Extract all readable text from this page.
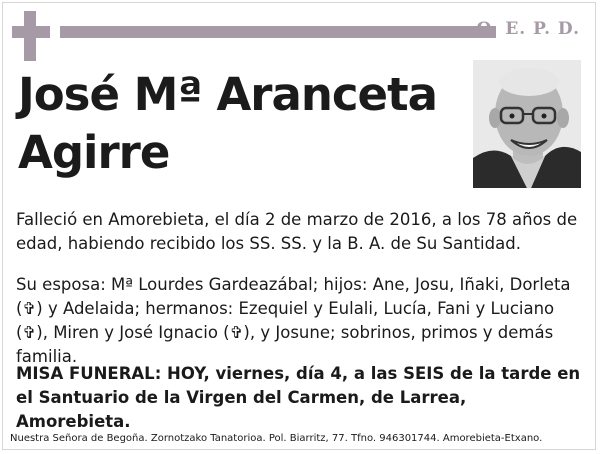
Q. E. P. D.
José Mª Aranceta
Agirre

Falleció en Amorebieta, el día 2 de marzo de 2016, a los 78 años de edad, habiendo recibido los SS. SS. y la B. A. de Su Santidad.

Su esposa: Mª Lourdes Gardeazábal; hijos: Ane, Josu, Iñaki, Dorleta (✞) y Adelaida; hermanos: Ezequiel y Eulali, Lucía, Fani y Luciano (✞), Miren y José Ignacio (✞), y Josune; sobrinos, primos y demás familia.

MISA FUNERAL: HOY, viernes, día 4, a las SEIS de la tarde en el Santuario de la Virgen del Carmen, de Larrea, Amorebieta.

Nuestra Señora de Begoña. Zornotzako Tanatorioa. Pol. Biarritz, 77. Tfno. 946301744. Amorebieta-Etxano.
